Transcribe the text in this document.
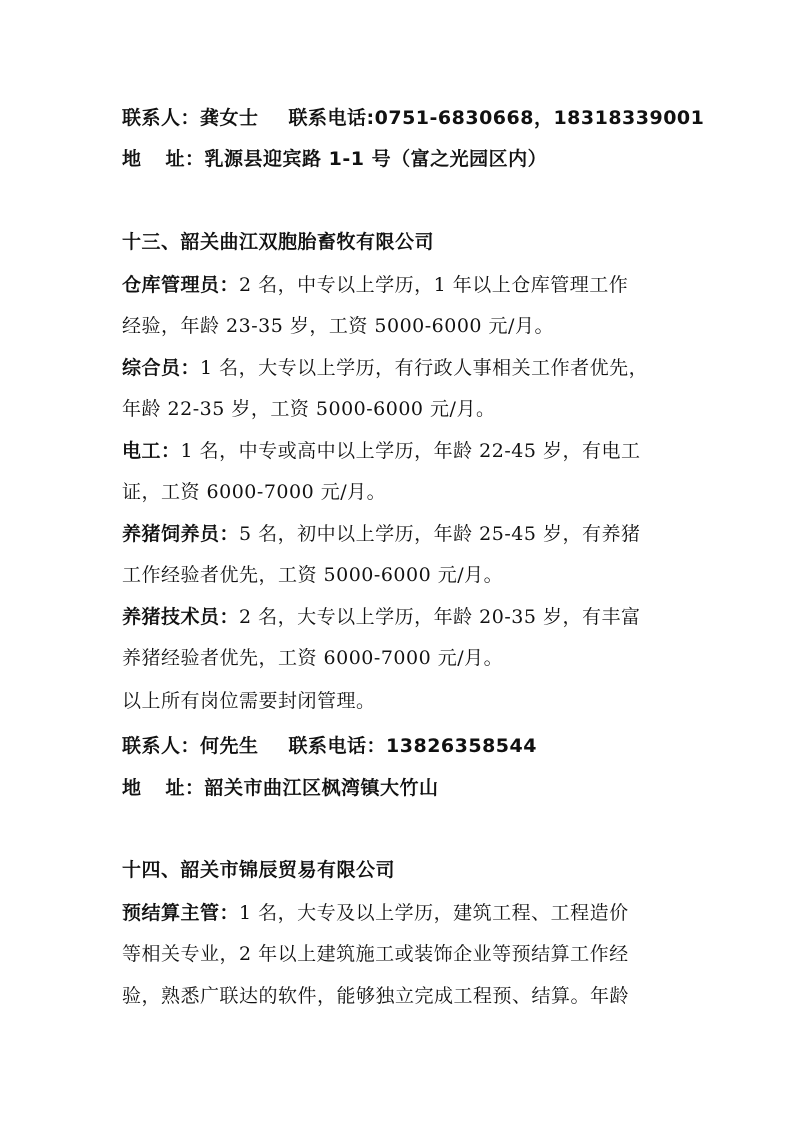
联系人：龚女士 联系电话:0751-6830668，18318339001
地 址：乳源县迎宾路 1-1 号（富之光园区内）
十三、韶关曲江双胞胎畜牧有限公司
仓库管理员：2 名，中专以上学历，1 年以上仓库管理工作
经验，年龄 23-35 岁，工资 5000-6000 元/月。
综合员：1 名，大专以上学历，有行政人事相关工作者优先，
年龄 22-35 岁，工资 5000-6000 元/月。
电工：1 名，中专或高中以上学历，年龄 22-45 岁，有电工
证，工资 6000-7000 元/月。
养猪饲养员：5 名，初中以上学历，年龄 25-45 岁，有养猪
工作经验者优先，工资 5000-6000 元/月。
养猪技术员：2 名，大专以上学历，年龄 20-35 岁，有丰富
养猪经验者优先，工资 6000-7000 元/月。
以上所有岗位需要封闭管理。
联系人：何先生 联系电话：13826358544
地 址：韶关市曲江区枫湾镇大竹山
十四、韶关市锦辰贸易有限公司
预结算主管：1 名，大专及以上学历，建筑工程、工程造价
等相关专业，2 年以上建筑施工或装饰企业等预结算工作经
验，熟悉广联达的软件，能够独立完成工程预、结算。年龄
